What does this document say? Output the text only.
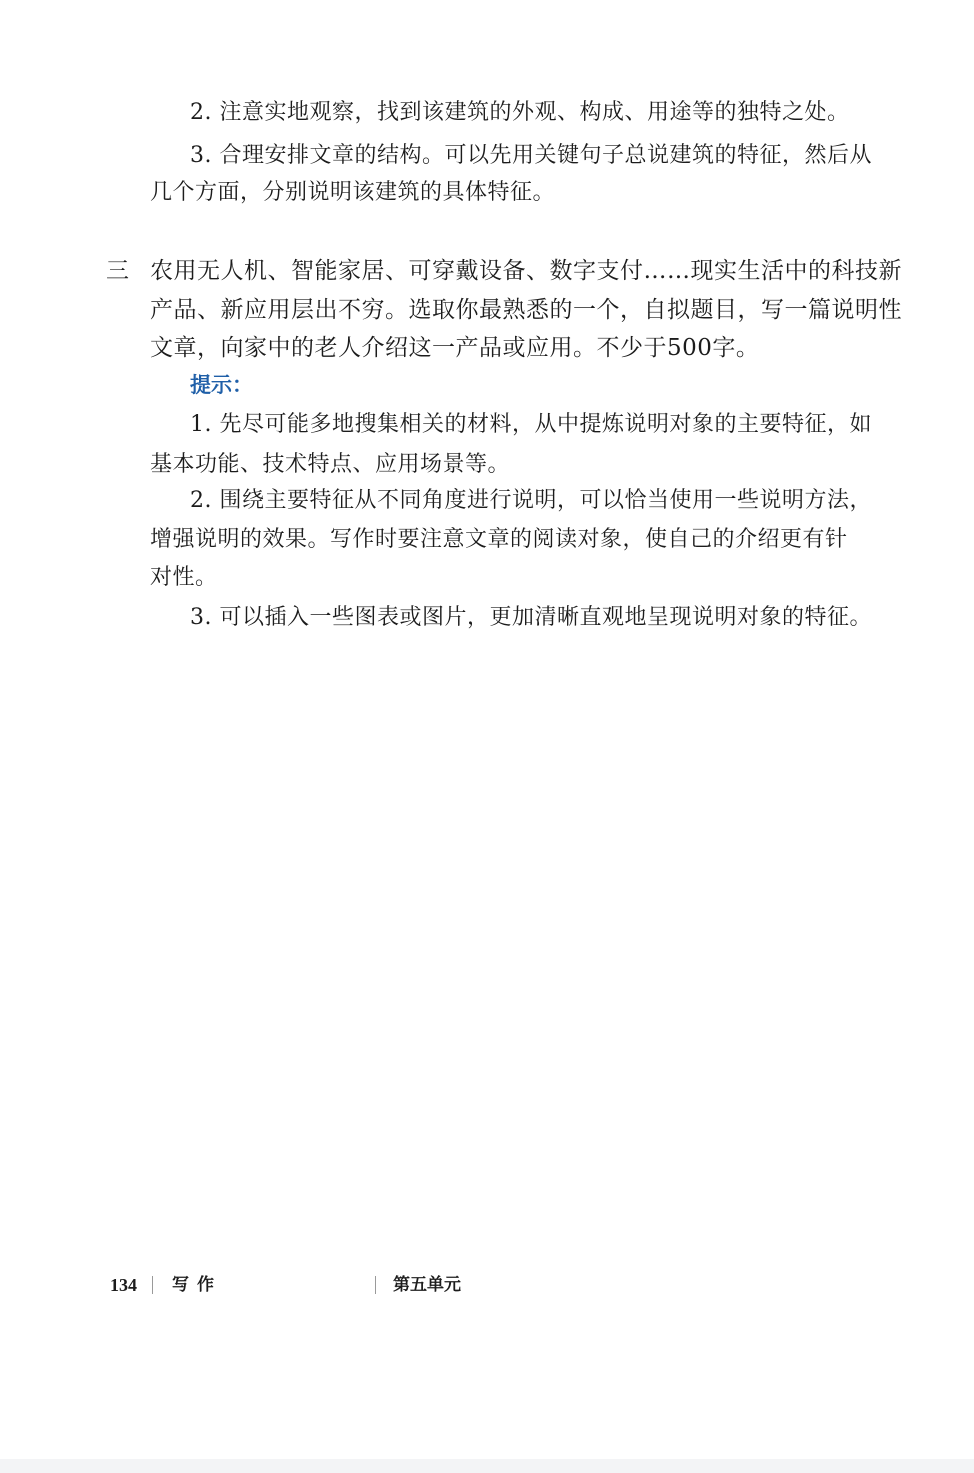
2. 注意实地观察，找到该建筑的外观、构成、用途等的独特之处。
3. 合理安排文章的结构。可以先用关键句子总说建筑的特征，然后从
几个方面，分别说明该建筑的具体特征。
三 农用无人机、智能家居、可穿戴设备、数字支付……现实生活中的科技新
产品、新应用层出不穷。选取你最熟悉的一个，自拟题目，写一篇说明性
文章，向家中的老人介绍这一产品或应用。不少于500字。
提示：
1. 先尽可能多地搜集相关的材料，从中提炼说明对象的主要特征，如
基本功能、技术特点、应用场景等。
2. 围绕主要特征从不同角度进行说明，可以恰当使用一些说明方法，
增强说明的效果。写作时要注意文章的阅读对象，使自己的介绍更有针
对性。
3. 可以插入一些图表或图片，更加清晰直观地呈现说明对象的特征。
134 写作	第五单元
